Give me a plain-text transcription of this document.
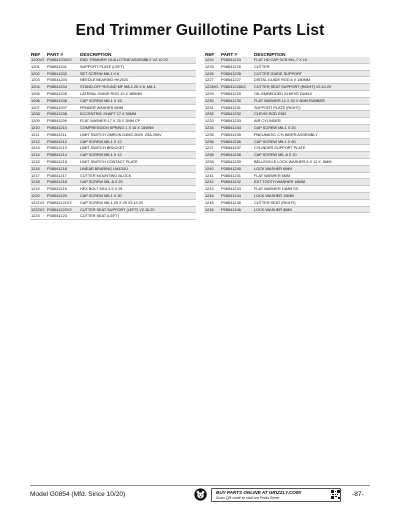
End Trimmer Guillotine Parts List
REF	PART #	DESCRIPTION
1200V2	P08541200V2	END TRIMMER GUILLOTINE ASSEMBLY V2.10.20
1201	P08541201	SUPPORT PLATE (LEFT)
1202	P08541202	SET SCREW M6-1 X 6
1203	P08541203	NEEDLE BEARING HK2020
1204	P08541204	STAND-OFF ROUND MF M8-1.25 X 8, M6-1
1205	P08541205	LATERAL GUIDE ROD 12 X 185MM
1206	P08541206	CAP SCREW M6-1 X 16
1207	P08541207	FENDER WASHER 6MM
1208	P08541208	ECCENTRIC SHAFT 17 X 30MM
1209	P08541209	FLAT WASHER 17 X 25 X 2MM CP
1210	P08541210	COMPRESSION SPRING 1 X 16 X 150MM
1211	P08541211	LIMIT SWITCH OMRON D4MC-5020 .25A 250V
1212	P08541212	CAP SCREW M6-1 X 12
1213	P08541213	LIMIT SWITCH BRACKET
1214	P08541214	CAP SCREW M6-1 X 12
1215	P08541215	LIMIT SWITCH CONTACT PLATE
1216	P08541216	LINEAR BEARING LM12UU
1217	P08541217	CUTTER MOUNTING BLOCK
1218	P08541218	CAP SCREW M5-.8 X 20
1219	P08541219	HEX BOLT M10-1.5 X 25
1220	P08541220	CAP SCREW M6-1 X 30
1221V2	P08541221V2	CAP SCREW M8-1.25 X 25 V2.10.20
1222V2	P08541222V2	CUTTER SEAT SUPPORT (LEFT) V2.10.20
1223	P08541223	CUTTER SEAT (LEFT)
REF	PART #	DESCRIPTION
1224	P08541224	FLAT HD CAP SCR M4-.7 X 10
1225	P08541225	CUTTER
1226	P08541226	CUTTER GUIDE SUPPORT
1227	P08541227	DISTAL GUIDE ROD 8 X 180MM
1228V2	P08541228V2	CUTTER SEAT SUPPORT (RIGHT) V2.10.20
1229	P08541229	OIL-EMBEDDED SLEEVE DU810
1230	P08541230	FLAT WASHER 12 X 30 X 6MM RUBBER
1231	P08541231	SUPPORT PLATE (RIGHT)
1232	P08541232	CLEVIS ROD END
1233	P08541233	AIR CYLINDER
1234	P08541234	CAP SCREW M6-1 X 20
1235	P08541235	PNEUMATIC CYLINDER ASSEMBLY
1236	P08541236	CAP SCREW M6-1 X 60
1237	P08541237	CYLINDER SUPPORT PLATE
1238	P08541238	CAP SCREW M5-.8 X 20
1239	P08541239	BELLEVILLE LOCK WASHER 5 X 12 X .6MM
1240	P08541240	LOCK WASHER 6MM
1241	P08541241	FLAT WASHER 6MM
1242	P08541242	EXT TOOTH WASHER 16MM
1243	P08541243	FLAT WASHER 13MM SS
1244	P08541244	LOCK WASHER 10MM
1245	P08541245	CUTTER SEAT (RIGHT)
1246	P08541246	LOCK WASHER 8MM
Model G0854 (Mfd. Since 10/20)	BUY PARTS ONLINE AT GRIZZLY.COM!
Scan QR code to visit our Parts Store.	-87-
